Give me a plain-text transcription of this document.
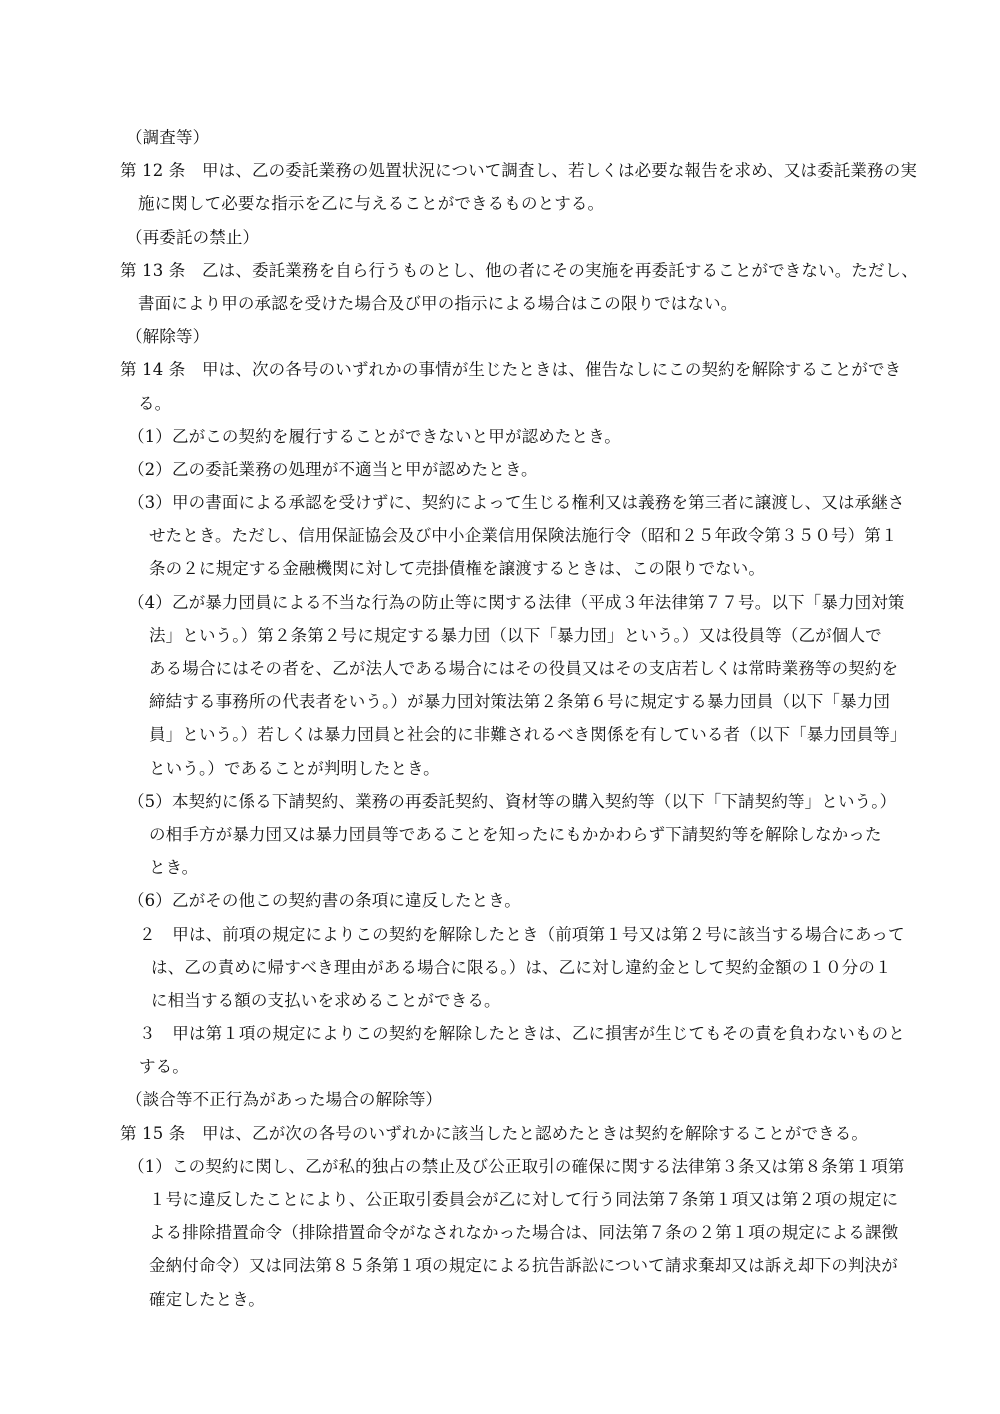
（調査等）
第 12 条　甲は、乙の委託業務の処置状況について調査し、若しくは必要な報告を求め、又は委託業務の実
施に関して必要な指示を乙に与えることができるものとする。
（再委託の禁止）
第 13 条　乙は、委託業務を自ら行うものとし、他の者にその実施を再委託することができない。ただし、
書面により甲の承認を受けた場合及び甲の指示による場合はこの限りではない。
（解除等）
第 14 条　甲は、次の各号のいずれかの事情が生じたときは、催告なしにこの契約を解除することができ
る。
（1）乙がこの契約を履行することができないと甲が認めたとき。
（2）乙の委託業務の処理が不適当と甲が認めたとき。
（3）甲の書面による承認を受けずに、契約によって生じる権利又は義務を第三者に譲渡し、又は承継さ
せたとき。ただし、信用保証協会及び中小企業信用保険法施行令（昭和２５年政令第３５０号）第１
条の２に規定する金融機関に対して売掛債権を譲渡するときは、この限りでない。
（4）乙が暴力団員による不当な行為の防止等に関する法律（平成３年法律第７７号。以下「暴力団対策
法」という。）第２条第２号に規定する暴力団（以下「暴力団」という。）又は役員等（乙が個人で
ある場合にはその者を、乙が法人である場合にはその役員又はその支店若しくは常時業務等の契約を
締結する事務所の代表者をいう。）が暴力団対策法第２条第６号に規定する暴力団員（以下「暴力団
員」という。）若しくは暴力団員と社会的に非難されるべき関係を有している者（以下「暴力団員等」
という。）であることが判明したとき。
（5）本契約に係る下請契約、業務の再委託契約、資材等の購入契約等（以下「下請契約等」という。）
の相手方が暴力団又は暴力団員等であることを知ったにもかかわらず下請契約等を解除しなかった
とき。
（6）乙がその他この契約書の条項に違反したとき。
２　甲は、前項の規定によりこの契約を解除したとき（前項第１号又は第２号に該当する場合にあって
は、乙の責めに帰すべき理由がある場合に限る。）は、乙に対し違約金として契約金額の１０分の１
に相当する額の支払いを求めることができる。
３　甲は第１項の規定によりこの契約を解除したときは、乙に損害が生じてもその責を負わないものと
する。
（談合等不正行為があった場合の解除等）
第 15 条　甲は、乙が次の各号のいずれかに該当したと認めたときは契約を解除することができる。
（1）この契約に関し、乙が私的独占の禁止及び公正取引の確保に関する法律第３条又は第８条第１項第
１号に違反したことにより、公正取引委員会が乙に対して行う同法第７条第１項又は第２項の規定に
よる排除措置命令（排除措置命令がなされなかった場合は、同法第７条の２第１項の規定による課徴
金納付命令）又は同法第８５条第１項の規定による抗告訴訟について請求棄却又は訴え却下の判決が
確定したとき。
